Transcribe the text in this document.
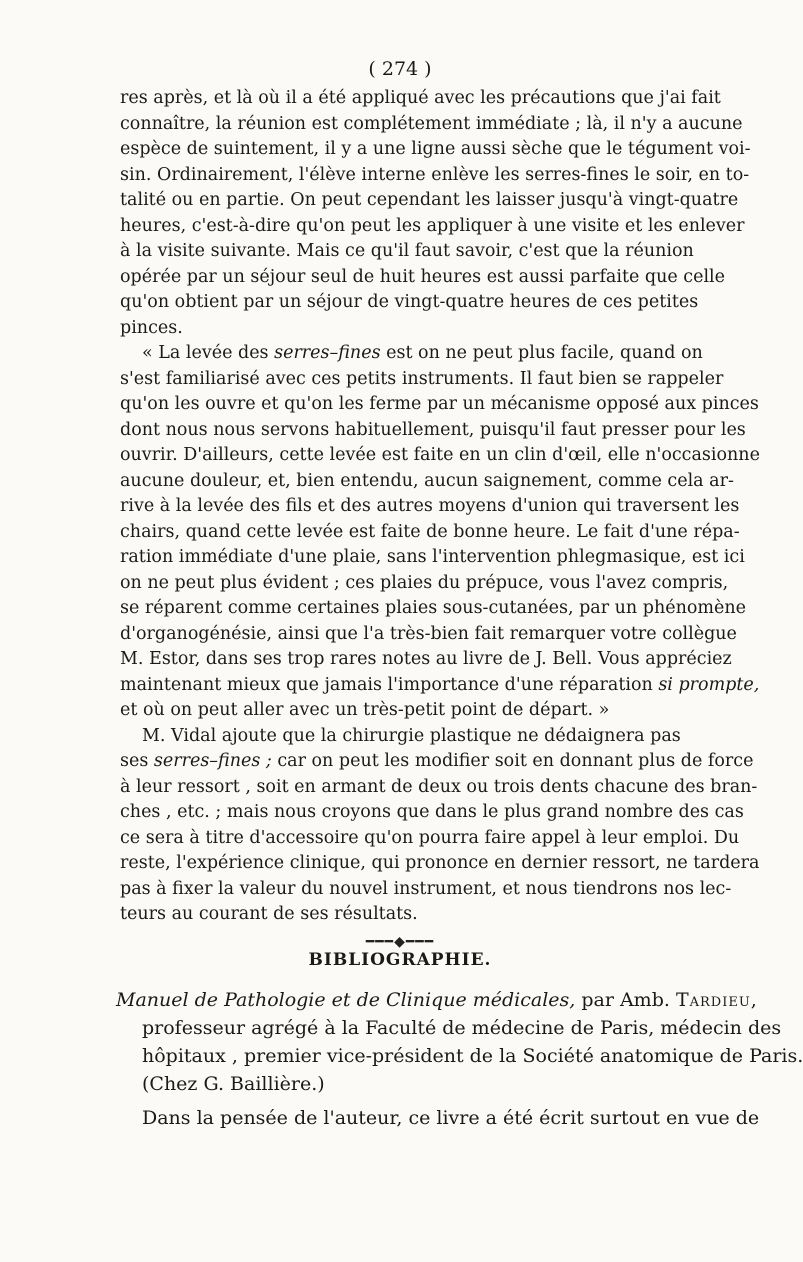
( 274 )
res après, et là où il a été appliqué avec les précautions que j'ai fait
connaître, la réunion est complétement immédiate ; là, il n'y a aucune
espèce de suintement, il y a une ligne aussi sèche que le tégument voi-
sin. Ordinairement, l'élève interne enlève les serres-fines le soir, en to-
talité ou en partie. On peut cependant les laisser jusqu'à vingt-quatre
heures, c'est-à-dire qu'on peut les appliquer à une visite et les enlever
à la visite suivante. Mais ce qu'il faut savoir, c'est que la réunion
opérée par un séjour seul de huit heures est aussi parfaite que celle
qu'on obtient par un séjour de vingt-quatre heures de ces petites
pinces.
« La levée des serres–fines est on ne peut plus facile, quand on
s'est familiarisé avec ces petits instruments. Il faut bien se rappeler
qu'on les ouvre et qu'on les ferme par un mécanisme opposé aux pinces
dont nous nous servons habituellement, puisqu'il faut presser pour les
ouvrir. D'ailleurs, cette levée est faite en un clin d'œil, elle n'occasionne
aucune douleur, et, bien entendu, aucun saignement, comme cela ar-
rive à la levée des fils et des autres moyens d'union qui traversent les
chairs, quand cette levée est faite de bonne heure. Le fait d'une répa-
ration immédiate d'une plaie, sans l'intervention phlegmasique, est ici
on ne peut plus évident ; ces plaies du prépuce, vous l'avez compris,
se réparent comme certaines plaies sous-cutanées, par un phénomène
d'organogénésie, ainsi que l'a très-bien fait remarquer votre collègue
M. Estor, dans ses trop rares notes au livre de J. Bell. Vous appréciez
maintenant mieux que jamais l'importance d'une réparation si prompte,
et où on peut aller avec un très-petit point de départ. »
M. Vidal ajoute que la chirurgie plastique ne dédaignera pas
ses serres–fines ; car on peut les modifier soit en donnant plus de force
à leur ressort , soit en armant de deux ou trois dents chacune des bran-
ches , etc. ; mais nous croyons que dans le plus grand nombre des cas
ce sera à titre d'accessoire qu'on pourra faire appel à leur emploi. Du
reste, l'expérience clinique, qui prononce en dernier ressort, ne tardera
pas à fixer la valeur du nouvel instrument, et nous tiendrons nos lec-
teurs au courant de ses résultats.
━━━◆━━━
BIBLIOGRAPHIE.
Manuel de Pathologie et de Clinique médicales, par Amb. Tardieu,
professeur agrégé à la Faculté de médecine de Paris, médecin des
hôpitaux , premier vice-président de la Société anatomique de Paris.
(Chez G. Baillière.)
Dans la pensée de l'auteur, ce livre a été écrit surtout en vue de
